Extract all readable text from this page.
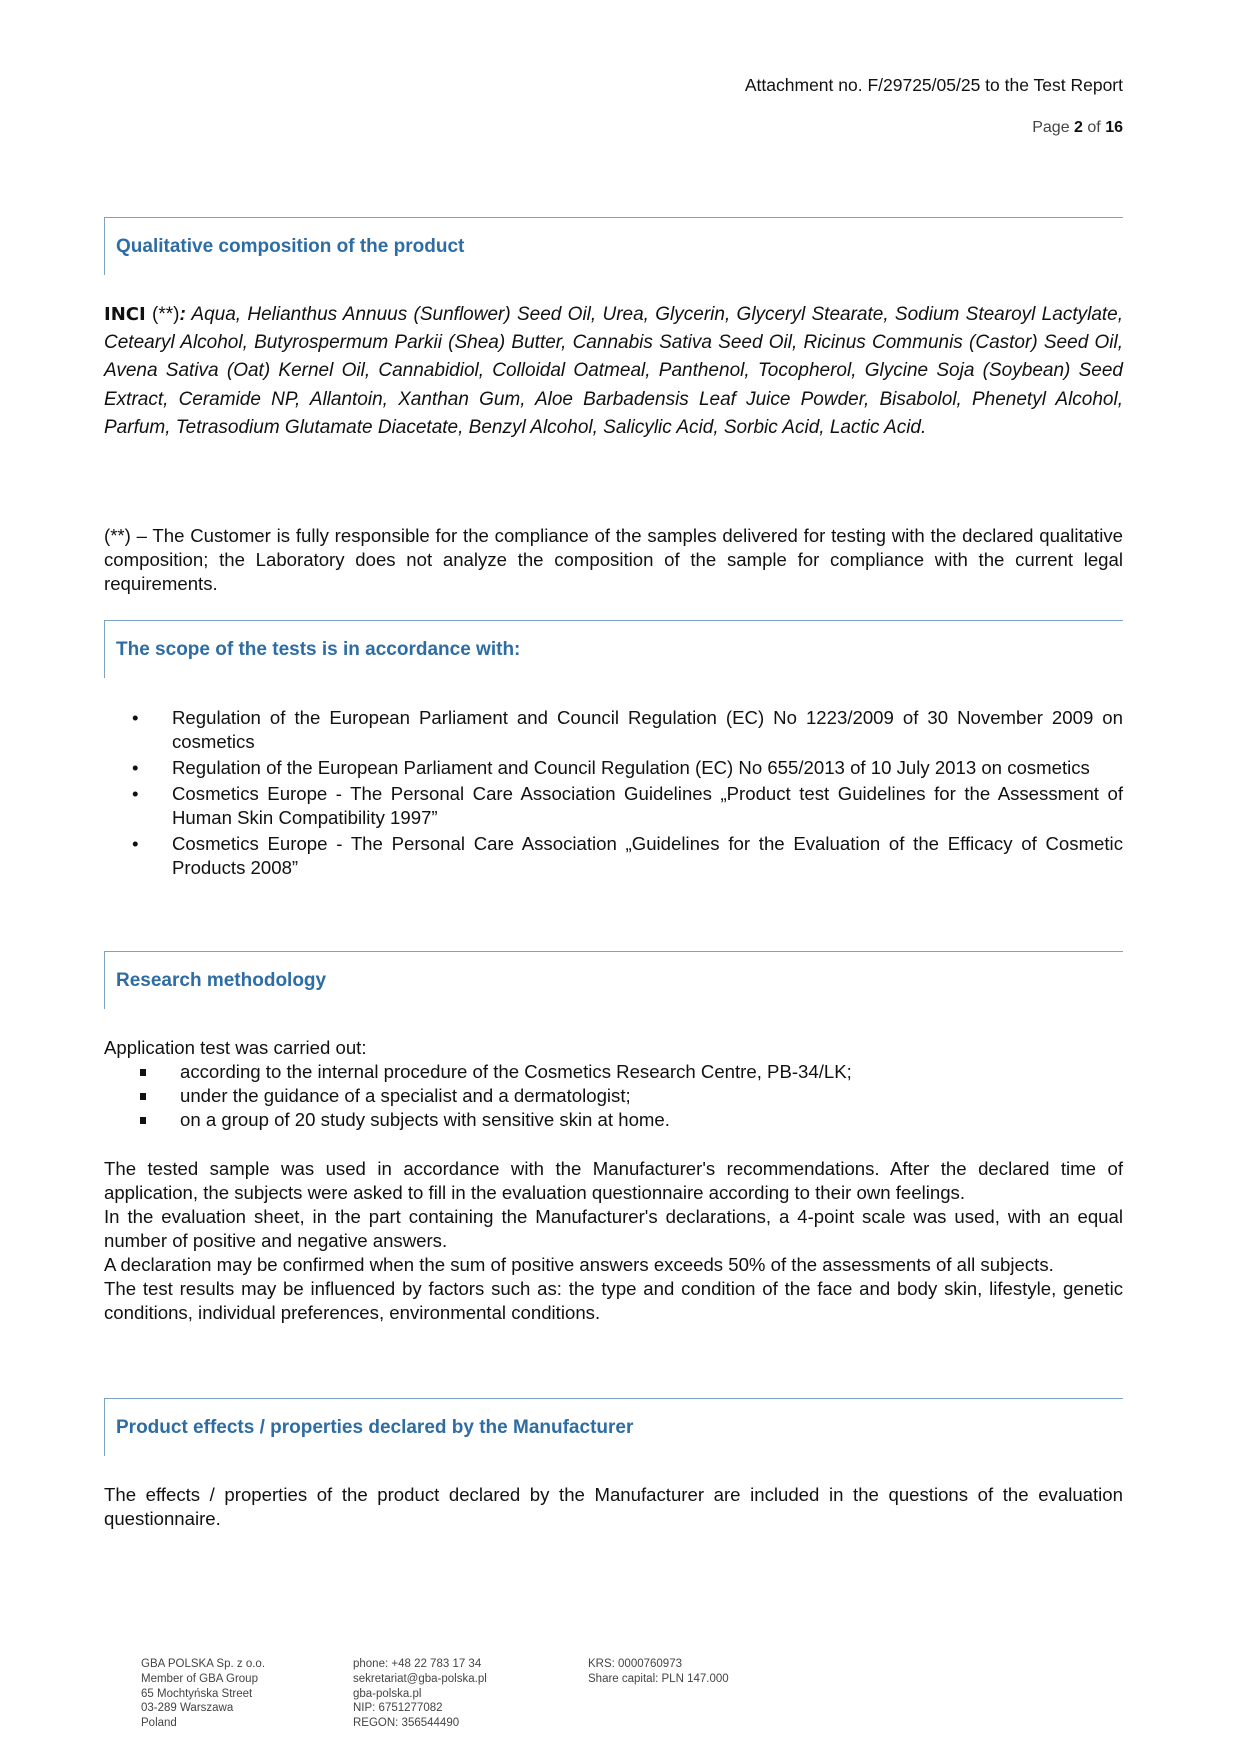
Attachment no. F/29725/05/25 to the Test Report
Page 2 of 16
Qualitative composition of the product
INCI (**): Aqua, Helianthus Annuus (Sunflower) Seed Oil, Urea, Glycerin, Glyceryl Stearate, Sodium Stearoyl Lactylate, Cetearyl Alcohol, Butyrospermum Parkii (Shea) Butter, Cannabis Sativa Seed Oil, Ricinus Communis (Castor) Seed Oil, Avena Sativa (Oat) Kernel Oil, Cannabidiol, Colloidal Oatmeal, Panthenol, Tocopherol, Glycine Soja (Soybean) Seed Extract, Ceramide NP, Allantoin, Xanthan Gum, Aloe Barbadensis Leaf Juice Powder, Bisabolol, Phenetyl Alcohol, Parfum, Tetrasodium Glutamate Diacetate, Benzyl Alcohol, Salicylic Acid, Sorbic Acid, Lactic Acid.
(**) – The Customer is fully responsible for the compliance of the samples delivered for testing with the declared qualitative composition; the Laboratory does not analyze the composition of the sample for compliance with the current legal requirements.
The scope of the tests is in accordance with:
• Regulation of the European Parliament and Council Regulation (EC) No 1223/2009 of 30 November 2009 on cosmetics
• Regulation of the European Parliament and Council Regulation (EC) No 655/2013 of 10 July 2013 on cosmetics
• Cosmetics Europe - The Personal Care Association Guidelines „Product test Guidelines for the Assessment of Human Skin Compatibility 1997”
• Cosmetics Europe - The Personal Care Association „Guidelines for the Evaluation of the Efficacy of Cosmetic Products 2008”
Research methodology
Application test was carried out:
according to the internal procedure of the Cosmetics Research Centre, PB-34/LK;
under the guidance of a specialist and a dermatologist;
on a group of 20 study subjects with sensitive skin at home.
The tested sample was used in accordance with the Manufacturer's recommendations. After the declared time of application, the subjects were asked to fill in the evaluation questionnaire according to their own feelings.
In the evaluation sheet, in the part containing the Manufacturer's declarations, a 4-point scale was used, with an equal number of positive and negative answers.
A declaration may be confirmed when the sum of positive answers exceeds 50% of the assessments of all subjects.
The test results may be influenced by factors such as: the type and condition of the face and body skin, lifestyle, genetic conditions, individual preferences, environmental conditions.
Product effects / properties declared by the Manufacturer
The effects / properties of the product declared by the Manufacturer are included in the questions of the evaluation questionnaire.
GBA POLSKA Sp. z o.o.
Member of GBA Group
65 Mochtyńska Street
03-289 Warszawa
Poland
phone: +48 22 783 17 34
sekretariat@gba-polska.pl
gba-polska.pl
NIP: 6751277082
REGON: 356544490
KRS: 0000760973
Share capital: PLN 147.000
